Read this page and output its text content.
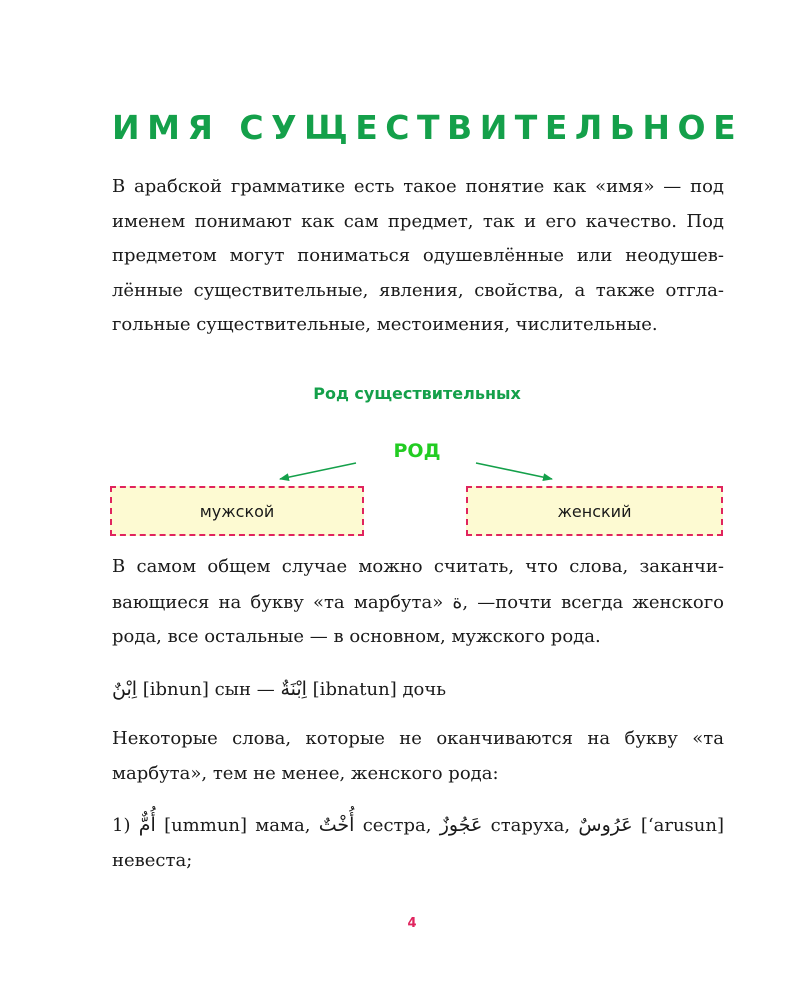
ИМЯ СУЩЕСТВИТЕЛЬНОЕ

В арабской грамматике есть такое понятие как «имя» — под именем понимают как сам предмет, так и его качество. Под предметом могут пониматься одушевлённые или неодушевлённые существительные, явления, свойства, а также отглагольные существительные, местоимения, числительные.

Род существительных
РОД
мужской	женский

В самом общем случае можно считать, что слова, заканчивающиеся на букву «та марбута» ة, —почти всегда женского рода, все остальные — в основном, мужского рода.

اِبْنٌ [ibnun] сын — اِبْنَةٌ [ibnatun] дочь

Некоторые слова, которые не оканчиваются на букву «та марбута», тем не менее, женского рода:

1) أُمٌّ [ummun] мама, أُخْتٌ сестра, عَجُوزٌ старуха, عَرُوسٌ [‘arusun] невеста;

4
